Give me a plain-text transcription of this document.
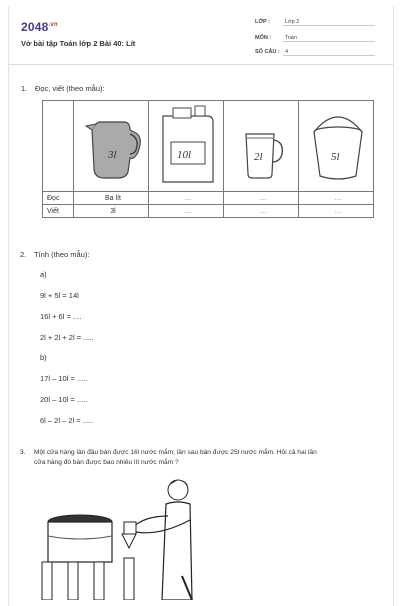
$2048^{.vn}$
Vở bài tập Toán lớp 2 Bài 40: Lít
LỚP :	Lớp 2
MÔN :	Toán
SỐ CÂU : 4
1. Đọc, viết (theo mẫu):

3l	10l	2l	5l

Đọc	Ba lít	…	…	…
Viết	3l	…	…	…
2. Tính (theo mẫu):
a)
9l + 5l = 14l
16l + 6l = ....
2l + 2l + 2l = .....
b)
17l – 10l = .....
20l – 10l = .....
6l – 2l – 2l = .....
3. Một cửa hàng lần đầu bán được 16l nước mắm, lần sau bán được 25l nước mắm. Hỏi cả hai lần
cửa hàng đó bán được bao nhiêu lít nước mắm ?
